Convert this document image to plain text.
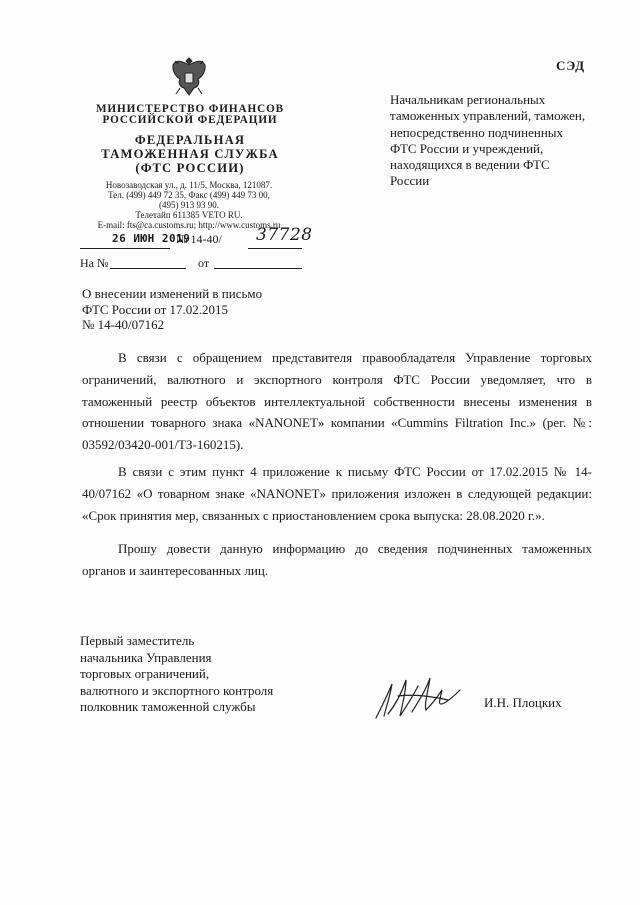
СЭД
МИНИСТЕРСТВО ФИНАНСОВ
РОССИЙСКОЙ ФЕДЕРАЦИИ
ФЕДЕРАЛЬНАЯ
ТАМОЖЕННАЯ СЛУЖБА
(ФТС РОССИИ)
Новозаводская ул., д. 11/5, Москва, 121087.
Тел. (499) 449 72 35, Факс (499) 449 73 00,
(495) 913 93 90.
Телетайп 611385 VETO RU.
E-mail: fts@ca.customs.ru; http://www.customs.ru
Начальникам региональных таможенных управлений, таможен, непосредственно подчиненных ФТС России и учреждений, находящихся в ведении ФТС России
26 ИЮН 2019
№ 14-40/ 37728
На №	от
О внесении изменений в письмо
ФТС России от 17.02.2015
№ 14-40/07162

В связи с обращением представителя правообладателя Управление торговых ограничений, валютного и экспортного контроля ФТС России уведомляет, что в таможенный реестр объектов интеллектуальной собственности внесены изменения в отношении товарного знака «NANONET» компании «Cummins Filtration Inc.» (рег. №: 03592/03420-001/ТЗ-160215).

В связи с этим пункт 4 приложение к письму ФТС России от 17.02.2015 № 14-40/07162 «О товарном знаке «NANONET» приложения изложен в следующей редакции: «Срок принятия мер, связанных с приостановлением срока выпуска: 28.08.2020 г.».

Прошу довести данную информацию до сведения подчиненных таможенных органов и заинтересованных лиц.

Первый заместитель
начальника Управления
торговых ограничений,
валютного и экспортного контроля
полковник таможенной службы	И.Н. Плоцких
